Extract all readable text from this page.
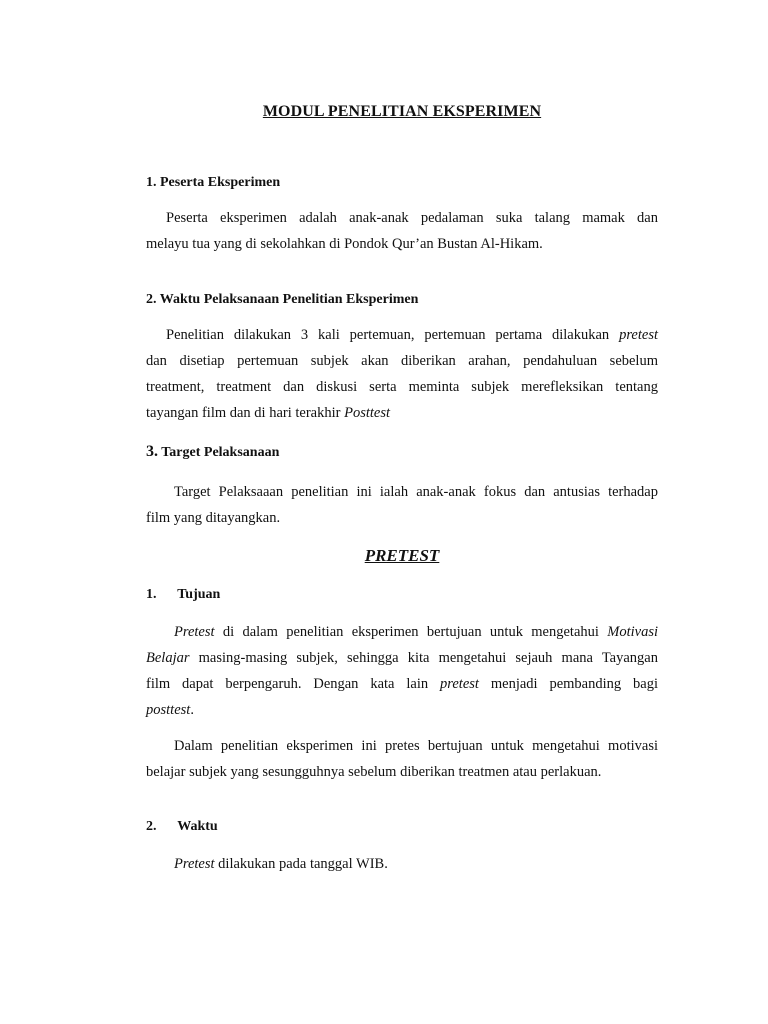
MODUL PENELITIAN EKSPERIMEN
1. Peserta Eksperimen
Peserta eksperimen adalah anak-anak pedalaman suka talang mamak dan
melayu tua yang di sekolahkan di Pondok Qur’an Bustan Al-Hikam.
2. Waktu Pelaksanaan Penelitian Eksperimen
Penelitian dilakukan 3 kali pertemuan, pertemuan pertama dilakukan pretest
dan disetiap pertemuan subjek akan diberikan arahan, pendahuluan sebelum
treatment, treatment dan diskusi serta meminta subjek merefleksikan tentang
tayangan film dan di hari terakhir Posttest
3. Target Pelaksanaan
Target Pelaksaaan penelitian ini ialah anak-anak fokus dan antusias terhadap
film yang ditayangkan.
PRETEST
1. Tujuan
Pretest di dalam penelitian eksperimen bertujuan untuk mengetahui Motivasi
Belajar masing-masing subjek, sehingga kita mengetahui sejauh mana Tayangan
film dapat berpengaruh. Dengan kata lain pretest menjadi pembanding bagi
posttest.
Dalam penelitian eksperimen ini pretes bertujuan untuk mengetahui motivasi
belajar subjek yang sesungguhnya sebelum diberikan treatmen atau perlakuan.
2. Waktu
Pretest dilakukan pada tanggal WIB.
